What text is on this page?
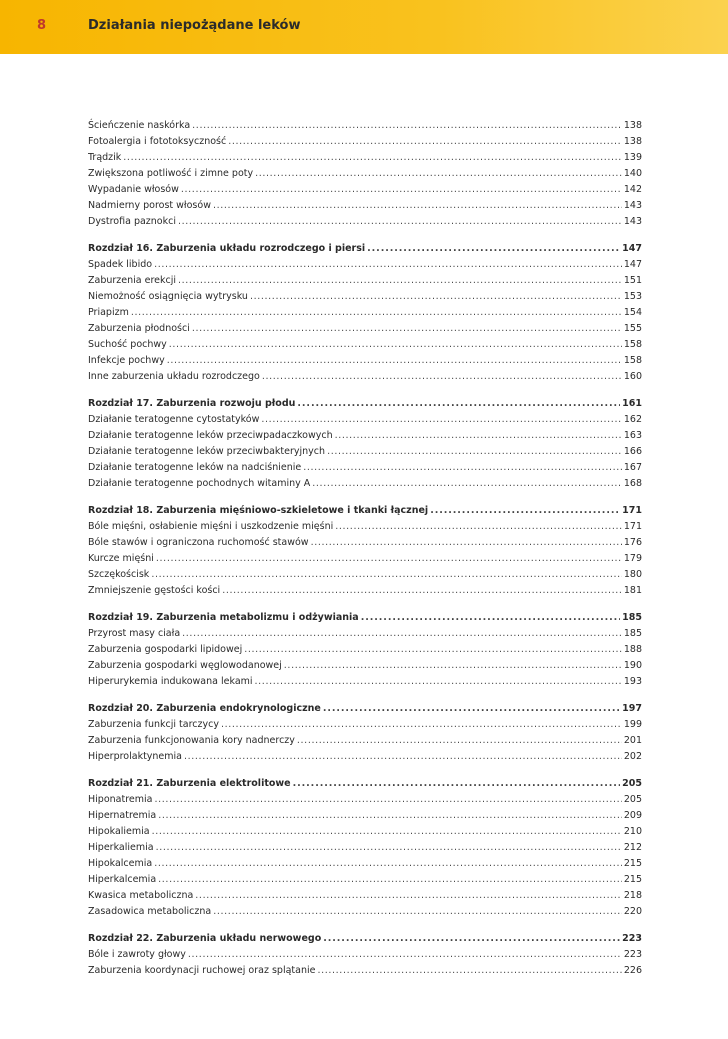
8	Działania niepożądane leków
Ścieńczenie naskórka . . .	138
Fotoalergia i fototoksyczność . . .	138
Trądzik . . .	139
Zwiększona potliwość i zimne poty . . .	140
Wypadanie włosów . . .	142
Nadmierny porost włosów . . .	143
Dystrofia paznokci . . .	143
Rozdział 16. Zaburzenia układu rozrodczego i piersi . . .	147
Spadek libido . . .	147
Zaburzenia erekcji . . .	151
Niemożność osiągnięcia wytrysku . . .	153
Priapizm . . .	154
Zaburzenia płodności . . .	155
Suchość pochwy . . .	158
Infekcje pochwy . . .	158
Inne zaburzenia układu rozrodczego . . .	160
Rozdział 17. Zaburzenia rozwoju płodu . . .	161
Działanie teratogenne cytostatyków . . .	162
Działanie teratogenne leków przeciwpadaczkowych . . .	163
Działanie teratogenne leków przeciwbakteryjnych . . .	166
Działanie teratogenne leków na nadciśnienie . . .	167
Działanie teratogenne pochodnych witaminy A . . .	168
Rozdział 18. Zaburzenia mięśniowo-szkieletowe i tkanki łącznej . . .	171
Bóle mięśni, osłabienie mięśni i uszkodzenie mięśni . . .	171
Bóle stawów i ograniczona ruchomość stawów . . .	176
Kurcze mięśni . . .	179
Szczękościsk . . .	180
Zmniejszenie gęstości kości . . .	181
Rozdział 19. Zaburzenia metabolizmu i odżywiania . . .	185
Przyrost masy ciała . . .	185
Zaburzenia gospodarki lipidowej . . .	188
Zaburzenia gospodarki węglowodanowej . . .	190
Hiperurykemia indukowana lekami . . .	193
Rozdział 20. Zaburzenia endokrynologiczne . . .	197
Zaburzenia funkcji tarczycy . . .	199
Zaburzenia funkcjonowania kory nadnerczy . . .	201
Hiperprolaktynemia . . .	202
Rozdział 21. Zaburzenia elektrolitowe . . .	205
Hiponatremia . . .	205
Hipernatremia . . .	209
Hipokaliemia . . .	210
Hiperkaliemia . . .	212
Hipokalcemia . . .	215
Hiperkalcemia . . .	215
Kwasica metaboliczna . . .	218
Zasadowica metaboliczna . . .	220
Rozdział 22. Zaburzenia układu nerwowego . . .	223
Bóle i zawroty głowy . . .	223
Zaburzenia koordynacji ruchowej oraz splątanie . . .	226
